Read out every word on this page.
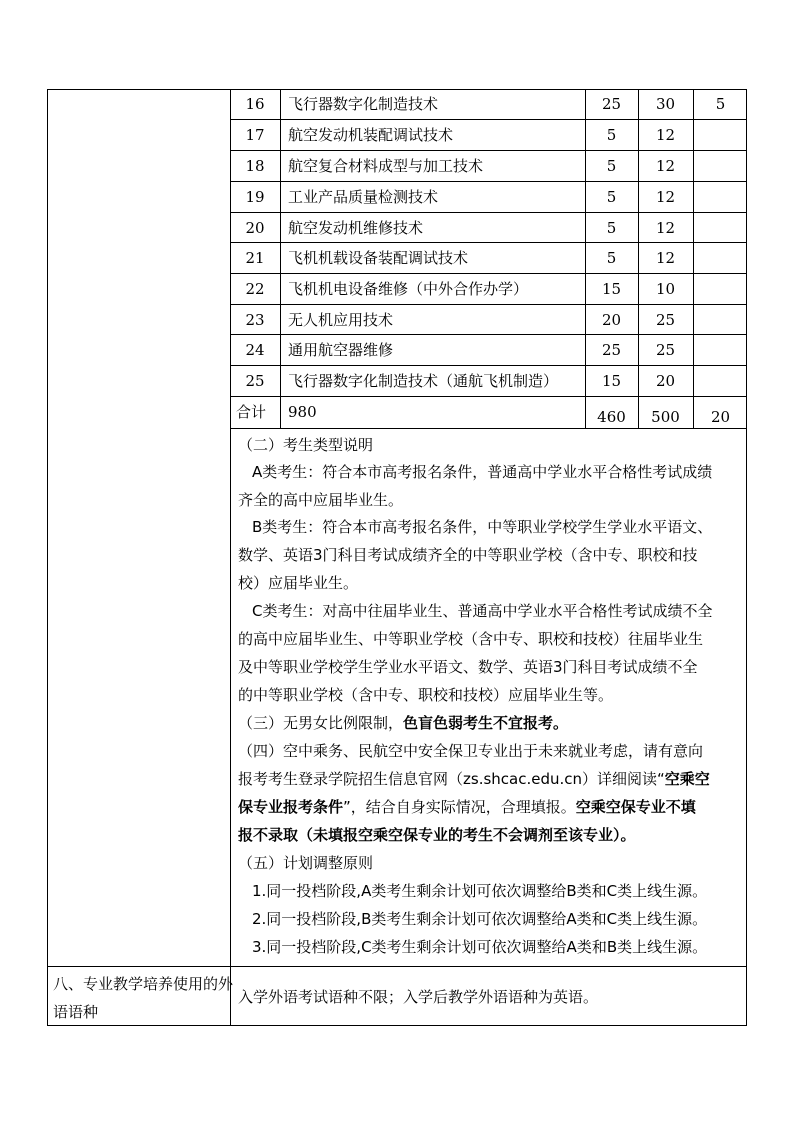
16	飞行器数字化制造技术	25	30	5
17	航空发动机装配调试技术	5	12
18	航空复合材料成型与加工技术	5	12
19	工业产品质量检测技术	5	12
20	航空发动机维修技术	5	12
21	飞机机载设备装配调试技术	5	12
22	飞机机电设备维修（中外合作办学）	15	10
23	无人机应用技术	20	25
24	通用航空器维修	25	25
25	飞行器数字化制造技术（通航飞机制造）	15	20
合计 980	460	500	20
（二）考生类型说明
A类考生：符合本市高考报名条件，普通高中学业水平合格性考试成绩
齐全的高中应届毕业生。
B类考生：符合本市高考报名条件，中等职业学校学生学业水平语文、
数学、英语3门科目考试成绩齐全的中等职业学校（含中专、职校和技
校）应届毕业生。
C类考生：对高中往届毕业生、普通高中学业水平合格性考试成绩不全
的高中应届毕业生、中等职业学校（含中专、职校和技校）往届毕业生
及中等职业学校学生学业水平语文、数学、英语3门科目考试成绩不全
的中等职业学校（含中专、职校和技校）应届毕业生等。
（三）无男女比例限制，色盲色弱考生不宜报考。
（四）空中乘务、民航空中安全保卫专业出于未来就业考虑，请有意向
报考考生登录学院招生信息官网（zs.shcac.edu.cn）详细阅读“空乘空
保专业报考条件”，结合自身实际情况，合理填报。空乘空保专业不填
报不录取（未填报空乘空保专业的考生不会调剂至该专业）。
（五）计划调整原则
1.同一投档阶段,A类考生剩余计划可依次调整给B类和C类上线生源。
2.同一投档阶段,B类考生剩余计划可依次调整给A类和C类上线生源。
3.同一投档阶段,C类考生剩余计划可依次调整给A类和B类上线生源。
八、专业教学培养使用的外
语语种
入学外语考试语种不限；入学后教学外语语种为英语。
